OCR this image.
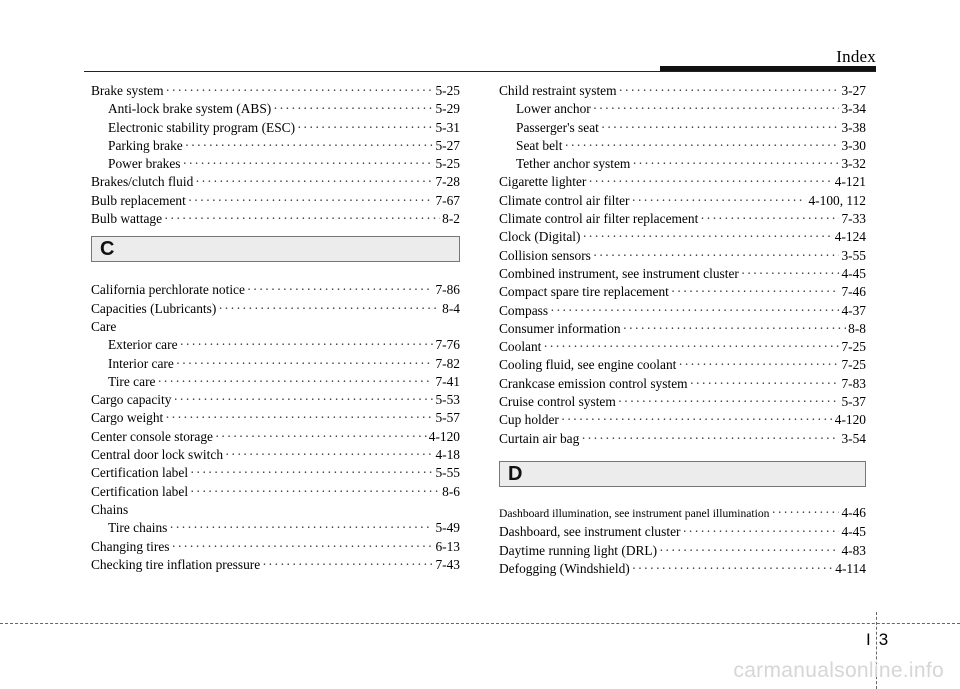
Index
Brake system ·····	5-25
Anti-lock brake system (ABS) ·····	5-29
Electronic stability program (ESC) ·····	5-31
Parking brake ·····	5-27
Power brakes ·····	5-25
Brakes/clutch fluid ·····	7-28
Bulb replacement ·····	7-67
Bulb wattage ·····	8-2
C
California perchlorate notice ·····	7-86
Capacities (Lubricants) ·····	8-4
Care
Exterior care ·····	7-76
Interior care ·····	7-82
Tire care ·····	7-41
Cargo capacity ·····	5-53
Cargo weight ·····	5-57
Center console storage ·····	4-120
Central door lock switch ·····	4-18
Certification label ·····	5-55
Certification label ·····	8-6
Chains
Tire chains ·····	5-49
Changing tires ·····	6-13
Checking tire inflation pressure ·····	7-43
Child restraint system ·····	3-27
Lower anchor ·····	3-34
Passerger's seat ·····	3-38
Seat belt ·····	3-30
Tether anchor system ·····	3-32
Cigarette lighter ·····	4-121
Climate control air filter ·····	4-100, 112
Climate control air filter replacement ·····	7-33
Clock (Digital) ·····	4-124
Collision sensors ·····	3-55
Combined instrument, see instrument cluster ·····	4-45
Compact spare tire replacement ·····	7-46
Compass ·····	4-37
Consumer information ·····	8-8
Coolant ·····	7-25
Cooling fluid, see engine coolant ·····	7-25
Crankcase emission control system ·····	7-83
Cruise control system ·····	5-37
Cup holder ·····	4-120
Curtain air bag ·····	3-54
D
Dashboard illumination, see instrument panel illumination ·····	4-46
Dashboard, see instrument cluster ·····	4-45
Daytime running light (DRL) ·····	4-83
Defogging (Windshield) ·····	4-114
I 3
carmanualsonline.info
